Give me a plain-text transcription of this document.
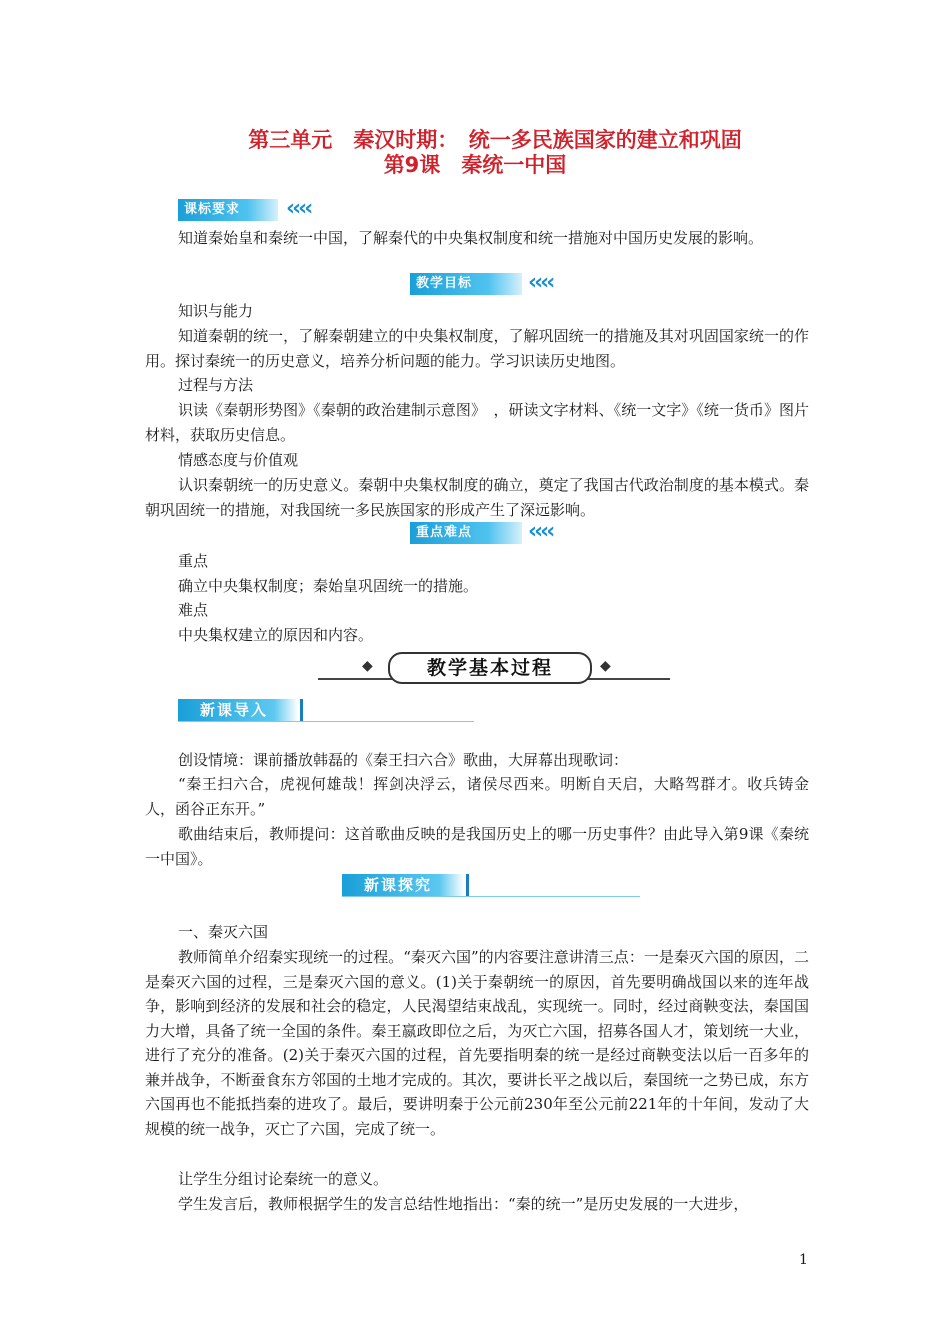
第三单元　秦汉时期：　统一多民族国家的建立和巩固
第9课　秦统一中国
课标要求	‹‹‹‹

知道秦始皇和秦统一中国，了解秦代的中央集权制度和统一措施对中国历史发展的影响。

教学目标	‹‹‹‹
知识与能力

知道秦朝的统一，了解秦朝建立的中央集权制度，了解巩固统一的措施及其对巩固国家统一的作用。探讨秦统一的历史意义，培养分析问题的能力。学习识读历史地图。

过程与方法

识读《秦朝形势图》《秦朝的政治建制示意图》　，研读文字材料、《统一文字》《统一货币》图片材料，获取历史信息。

情感态度与价值观

认识秦朝统一的历史意义。秦朝中央集权制度的确立，奠定了我国古代政治制度的基本模式。秦朝巩固统一的措施，对我国统一多民族国家的形成产生了深远影响。

重点难点	‹‹‹‹
重点
确立中央集权制度；秦始皇巩固统一的措施。
难点
中央集权建立的原因和内容。
◆	◆
教学基本过程
新课导入

创设情境：课前播放韩磊的《秦王扫六合》歌曲，大屏幕出现歌词：

“秦王扫六合，虎视何雄哉！挥剑决浮云，诸侯尽西来。明断自天启，大略驾群才。收兵铸金人，函谷正东开。”

歌曲结束后，教师提问：这首歌曲反映的是我国历史上的哪一历史事件？由此导入第9课《秦统一中国》。

新课探究
一、秦灭六国

教师简单介绍秦实现统一的过程。“秦灭六国”的内容要注意讲清三点：一是秦灭六国的原因，二是秦灭六国的过程，三是秦灭六国的意义。(1)关于秦朝统一的原因，首先要明确战国以来的连年战争，影响到经济的发展和社会的稳定，人民渴望结束战乱，实现统一。同时，经过商鞅变法，秦国国力大增，具备了统一全国的条件。秦王嬴政即位之后，为灭亡六国，招募各国人才，策划统一大业，进行了充分的准备。(2)关于秦灭六国的过程，首先要指明秦的统一是经过商鞅变法以后一百多年的兼并战争，不断蚕食东方邻国的土地才完成的。其次，要讲长平之战以后，秦国统一之势已成，东方六国再也不能抵挡秦的进攻了。最后，要讲明秦于公元前230年至公元前221年的十年间，发动了大规模的统一战争，灭亡了六国，完成了统一。

让学生分组讨论秦统一的意义。

学生发言后，教师根据学生的发言总结性地指出：“秦的统一”是历史发展的一大进步，

1
